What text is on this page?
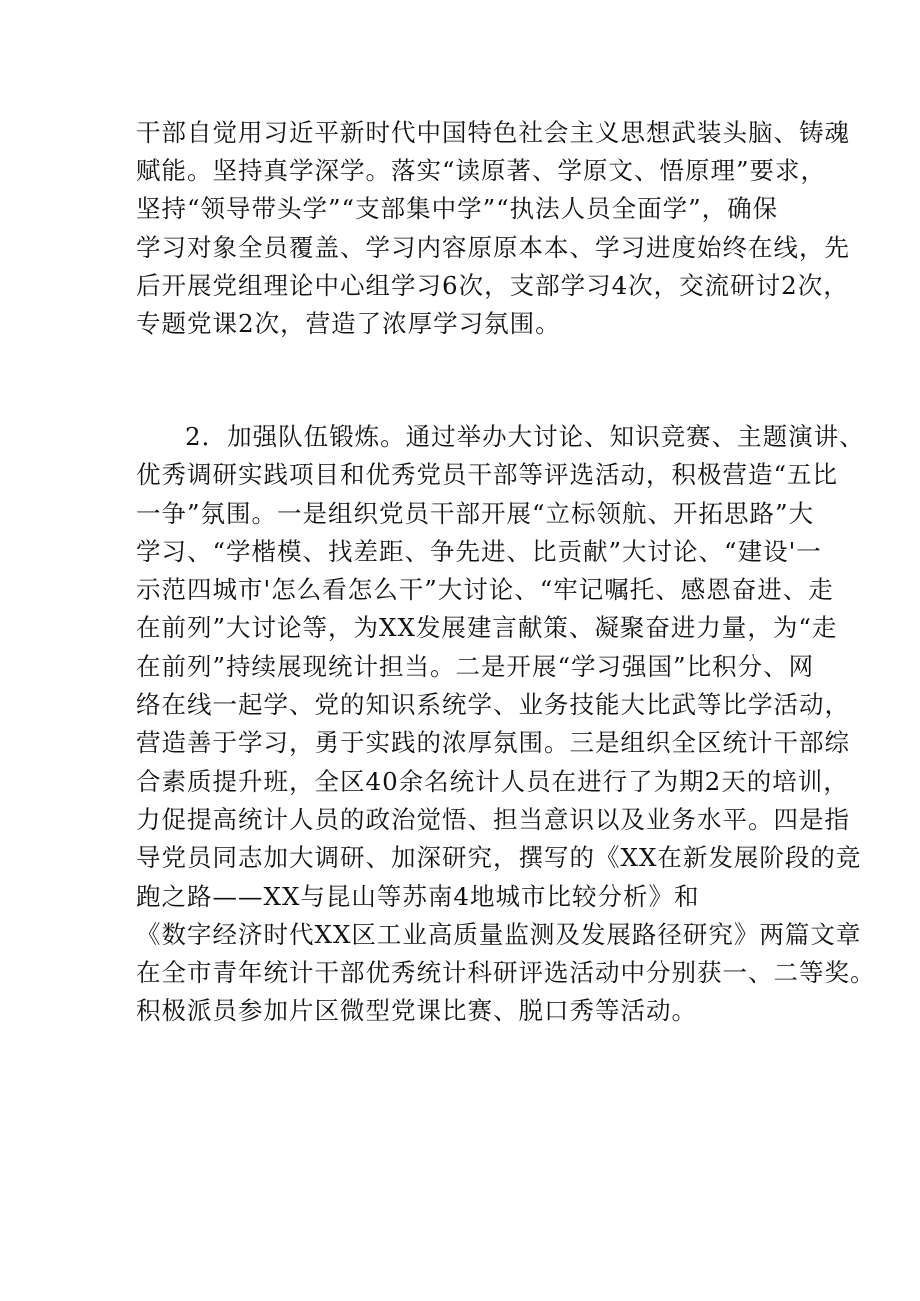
干部自觉用习近平新时代中国特色社会主义思想武装头脑、铸魂
赋能。坚持真学深学。落实“读原著、学原文、悟原理”要求，
坚持“领导带头学”“支部集中学”“执法人员全面学”，确保
学习对象全员覆盖、学习内容原原本本、学习进度始终在线，先
后开展党组理论中心组学习6次，支部学习4次，交流研讨2次，
专题党课2次，营造了浓厚学习氛围。
2．加强队伍锻炼。通过举办大讨论、知识竞赛、主题演讲、
优秀调研实践项目和优秀党员干部等评选活动，积极营造“五比
一争”氛围。一是组织党员干部开展“立标领航、开拓思路”大
学习、“学楷模、找差距、争先进、比贡献”大讨论、“建设'一
示范四城市'怎么看怎么干”大讨论、“牢记嘱托、感恩奋进、走
在前列”大讨论等，为XX发展建言献策、凝聚奋进力量，为“走
在前列”持续展现统计担当。二是开展“学习强国”比积分、网
络在线一起学、党的知识系统学、业务技能大比武等比学活动，
营造善于学习，勇于实践的浓厚氛围。三是组织全区统计干部综
合素质提升班，全区40余名统计人员在进行了为期2天的培训，
力促提高统计人员的政治觉悟、担当意识以及业务水平。四是指
导党员同志加大调研、加深研究，撰写的《XX在新发展阶段的竞
跑之路——XX与昆山等苏南4地城市比较分析》和
《数字经济时代XX区工业高质量监测及发展路径研究》两篇文章
在全市青年统计干部优秀统计科研评选活动中分别获一、二等奖。
积极派员参加片区微型党课比赛、脱口秀等活动。
